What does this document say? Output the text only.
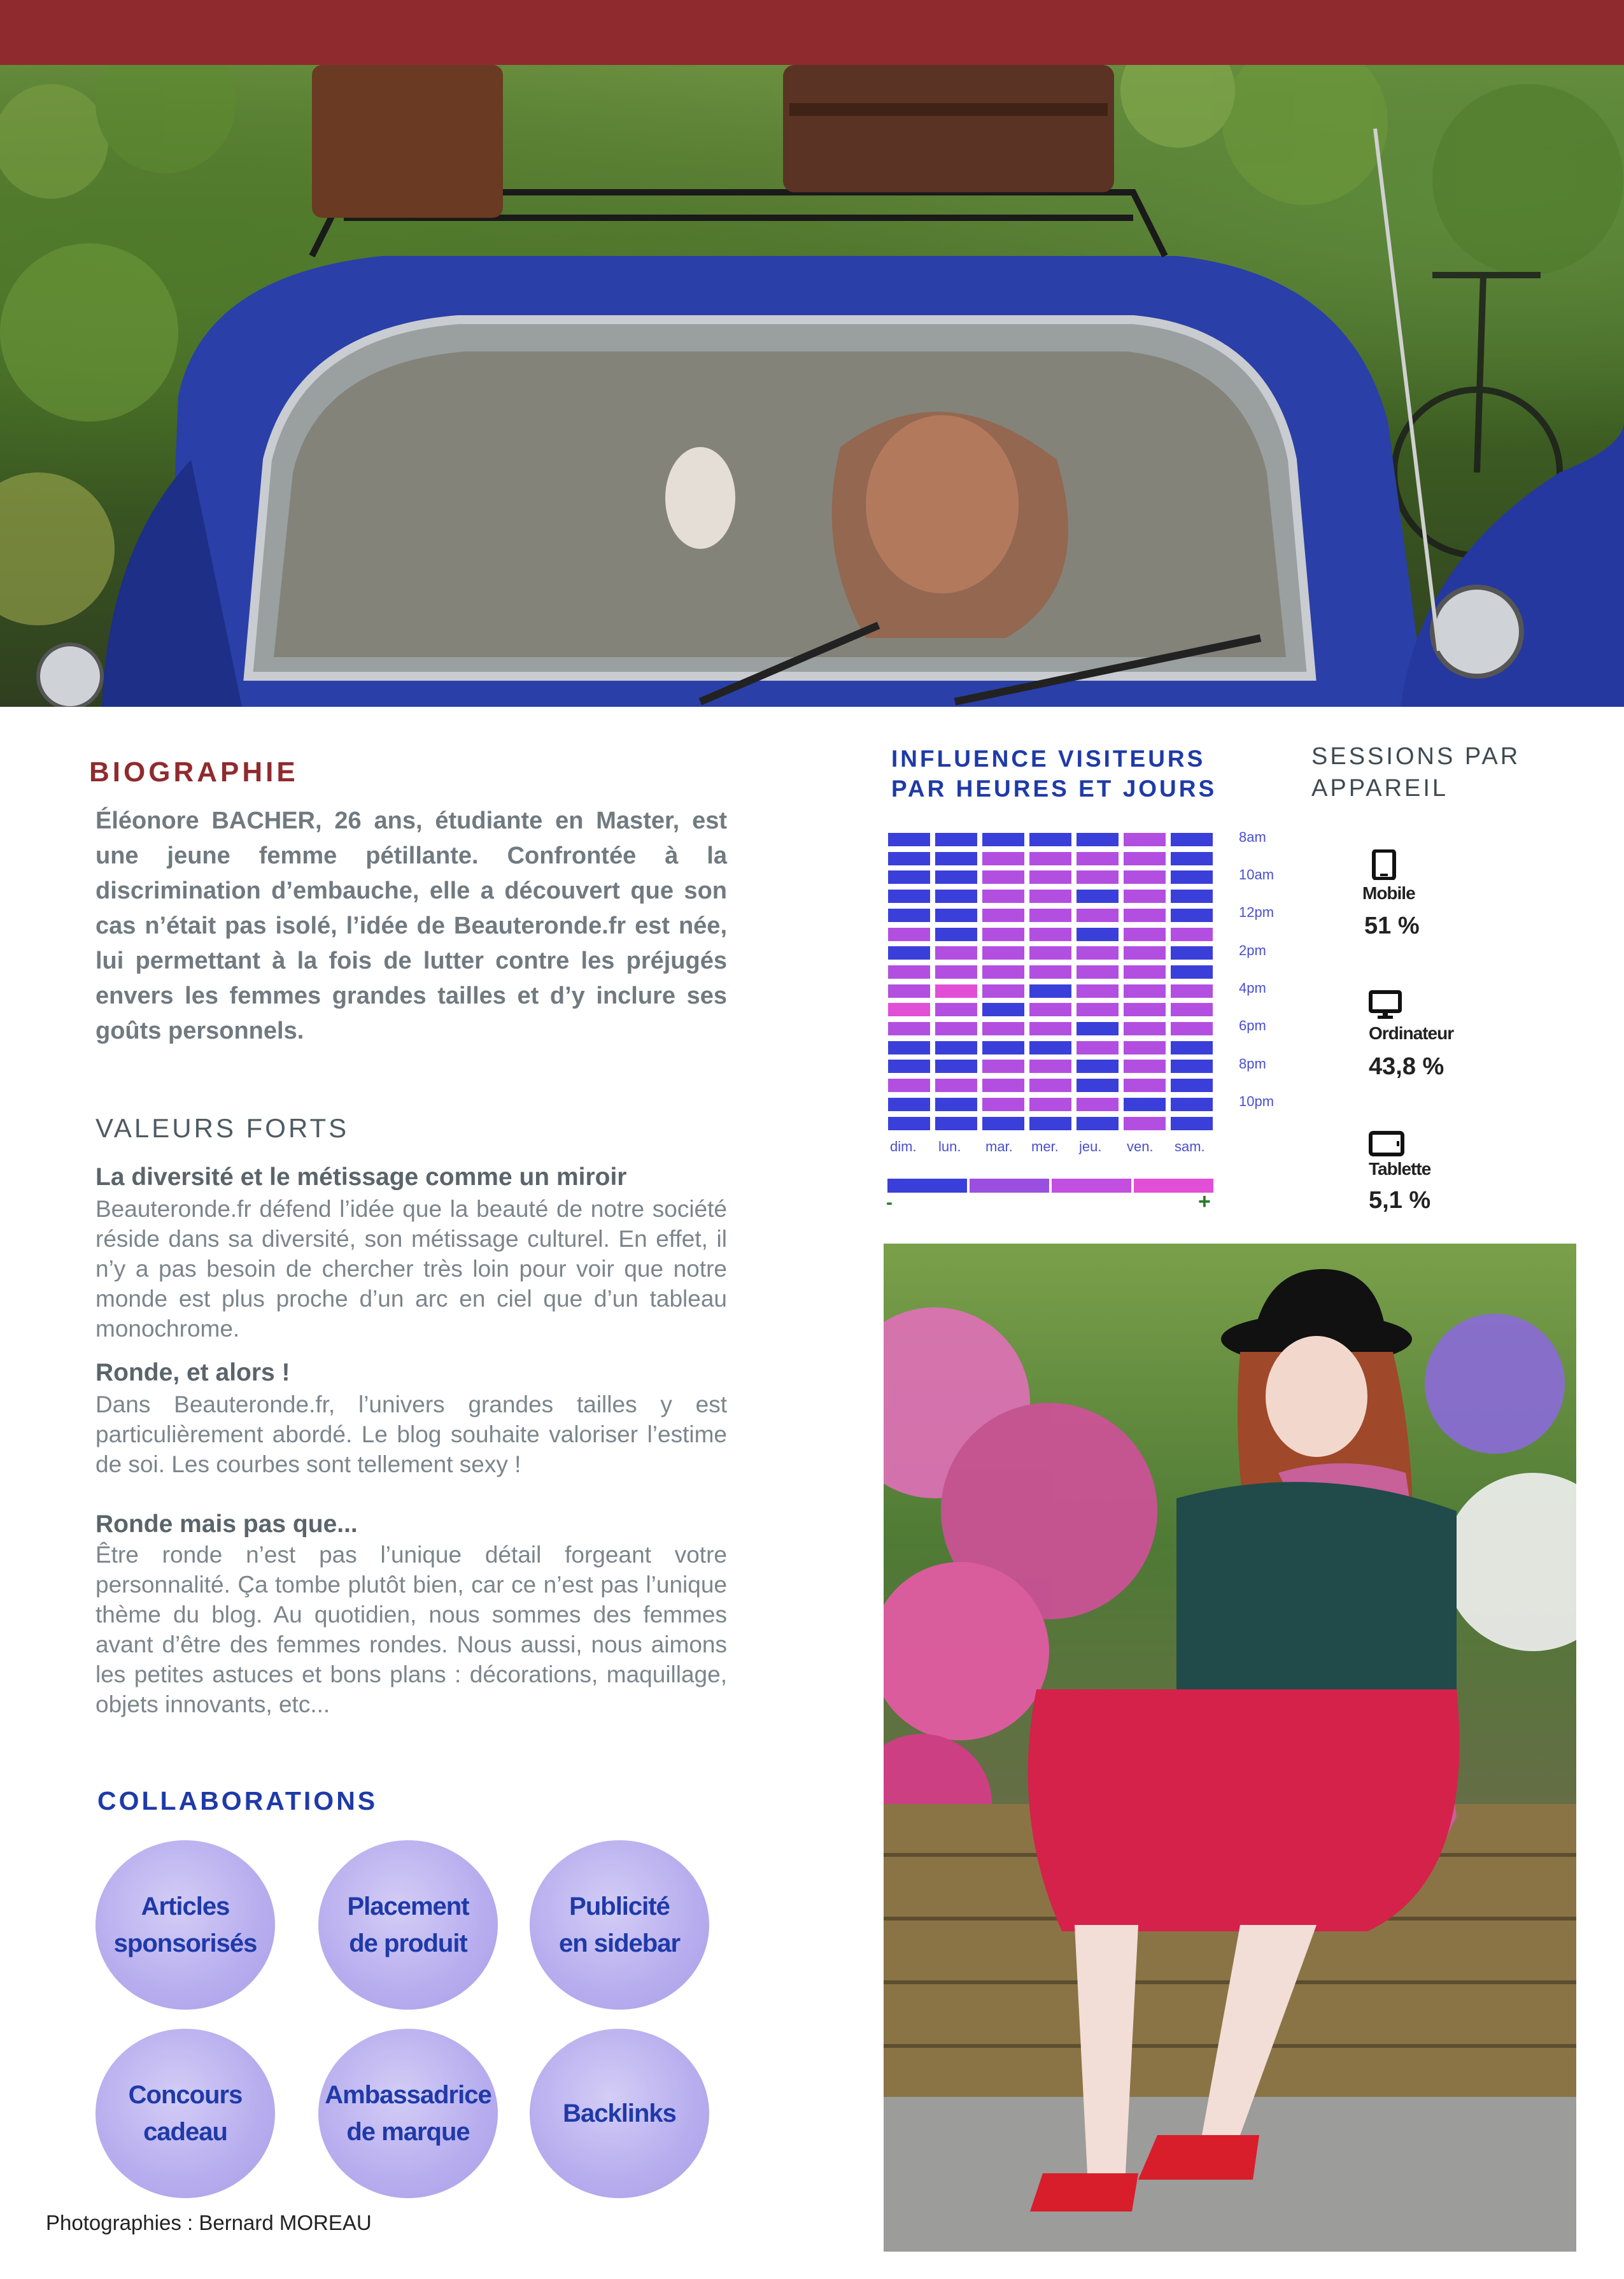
BIOGRAPHIE
Éléonore BACHER, 26 ans, étudiante en Master, est une jeune femme pétillante. Confrontée à la discrimination d’embauche, elle a découvert que son cas n’était pas isolé, l’idée de Beauteronde.fr est née, lui permettant à la fois de lutter contre les préjugés envers les femmes grandes tailles et d’y inclure ses goûts personnels.
VALEURS FORTS
La diversité et le métissage comme un miroir
Beauteronde.fr défend l’idée que la beauté de notre société réside dans sa diversité, son métissage culturel. En effet, il n’y a pas besoin de chercher très loin pour voir que notre monde est plus proche d’un arc en ciel que d’un tableau monochrome.
Ronde, et alors !
Dans Beauteronde.fr, l’univers grandes tailles y est particulièrement abordé. Le blog souhaite valoriser l’estime de soi. Les courbes sont tellement sexy !
Ronde mais pas que...
Être ronde n’est pas l’unique détail forgeant votre personnalité. Ça tombe plutôt bien, car ce n’est pas l’unique thème du blog. Au quotidien, nous sommes des femmes avant d’être des femmes rondes. Nous aussi, nous aimons les petites astuces et bons plans : décorations, maquillage, objets innovants, etc...
COLLABORATIONS
Articles
sponsorisés
Placement
de produit
Publicité
en sidebar
Concours
cadeau
Ambassadrice
de marque
Backlinks
Photographies : Bernard MOREAU
INFLUENCE VISITEURS
PAR HEURES ET JOURS
8am
10am
12pm
2pm
4pm
6pm
8pm
10pm
dim. lun. mar. mer. jeu. ven. sam.
-	+
SESSIONS PAR
APPAREIL
Mobile
51 %
Ordinateur
43,8 %
Tablette
5,1 %
